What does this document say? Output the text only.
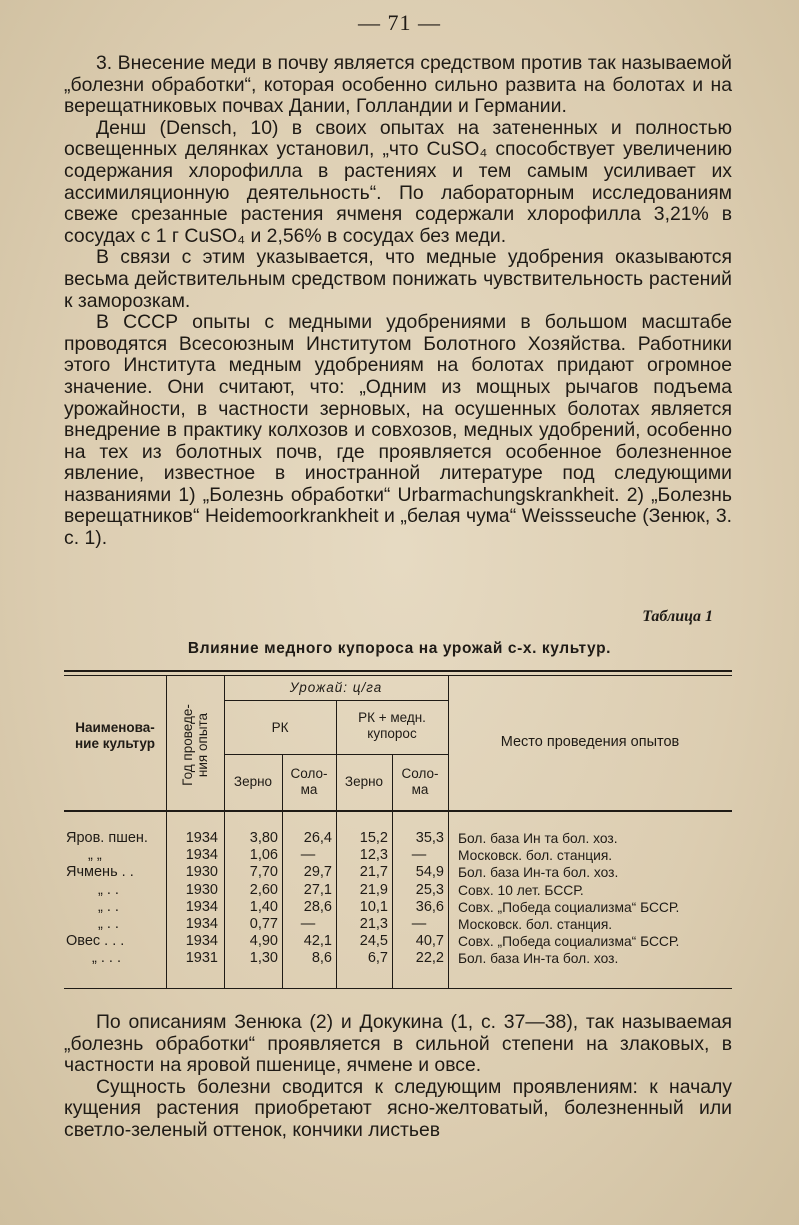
— 71 —

3. Внесение меди в почву является средством против так называемой „болезни обработки“, которая особенно сильно развита на болотах и на верещатниковых почвах Дании, Голландии и Германии.

Денш (Densch, 10) в своих опытах на затененных и полностью освещенных делянках установил, „что CuSO₄ способствует увеличению содержания хлорофилла в растениях и тем самым усиливает их ассимиляционную деятельность“. По лабораторным исследованиям свеже срезанные растения ячменя содержали хлорофилла 3,21% в сосудах с 1 г CuSO₄ и 2,56% в сосудах без меди.

В связи с этим указывается, что медные удобрения оказываются весьма действительным средством понижать чувствительность растений к заморозкам.

В СССР опыты с медными удобрениями в большом масштабе проводятся Всесоюзным Институтом Болотного Хозяйства. Работники этого Института медным удобрениям на болотах придают огромное значение. Они считают, что: „Одним из мощных рычагов подъема урожайности, в частности зерновых, на осушенных болотах является внедрение в практику колхозов и совхозов, медных удобрений, особенно на тех из болотных почв, где проявляется особенное болезненное явление, известное в иностранной литературе под следующими названиями 1) „Болезнь обработки“ Urbarmachungskrankheit. 2) „Болезнь верещатников“ Heidemoorkrankheit и „белая чума“ Weisssеuche (Зенюк, 3. с. 1).

Таблица 1
Влияние медного купороса на урожай с-х. культур.
Наименова-
ние культур
Год проведе-
ния опыта
Урожай: ц/га
РК
РК + медн.
купорос
Зерно
Соло-
ма
Зерно
Соло-
ма
Место проведения опытов
Яров. пшен.
„ „
Ячмень . .
„ . .
„ . .
„ . .
Овес . . .
„ . . .
1934
1934
1930
1930
1934
1934
1934
1931
3,80
1,06
7,70
2,60
1,40
0,77
4,90
1,30
26,4
—
29,7
27,1
28,6
—
42,1
8,6
15,2
12,3
21,7
21,9
10,1
21,3
24,5
6,7
35,3
—
54,9
25,3
36,6
—
40,7
22,2
Бол. база Ин та бол. хоз.
Московск. бол. станция.
Бол. база Ин-та бол. хоз.
Совх. 10 лет. БССР.
Совх. „Победа социализма“ БССР.
Московск. бол. станция.
Совх. „Победа социализма“ БССР.
Бол. база Ин-та бол. хоз.

По описаниям Зенюка (2) и Докукина (1, с. 37—38), так называемая „болезнь обработки“ проявляется в сильной степени на злаковых, в частности на яровой пшенице, ячмене и овсе.

Сущность болезни сводится к следующим проявлениям: к началу кущения растения приобретают ясно-желтоватый, болезненный или светло-зеленый оттенок, кончики листьев
